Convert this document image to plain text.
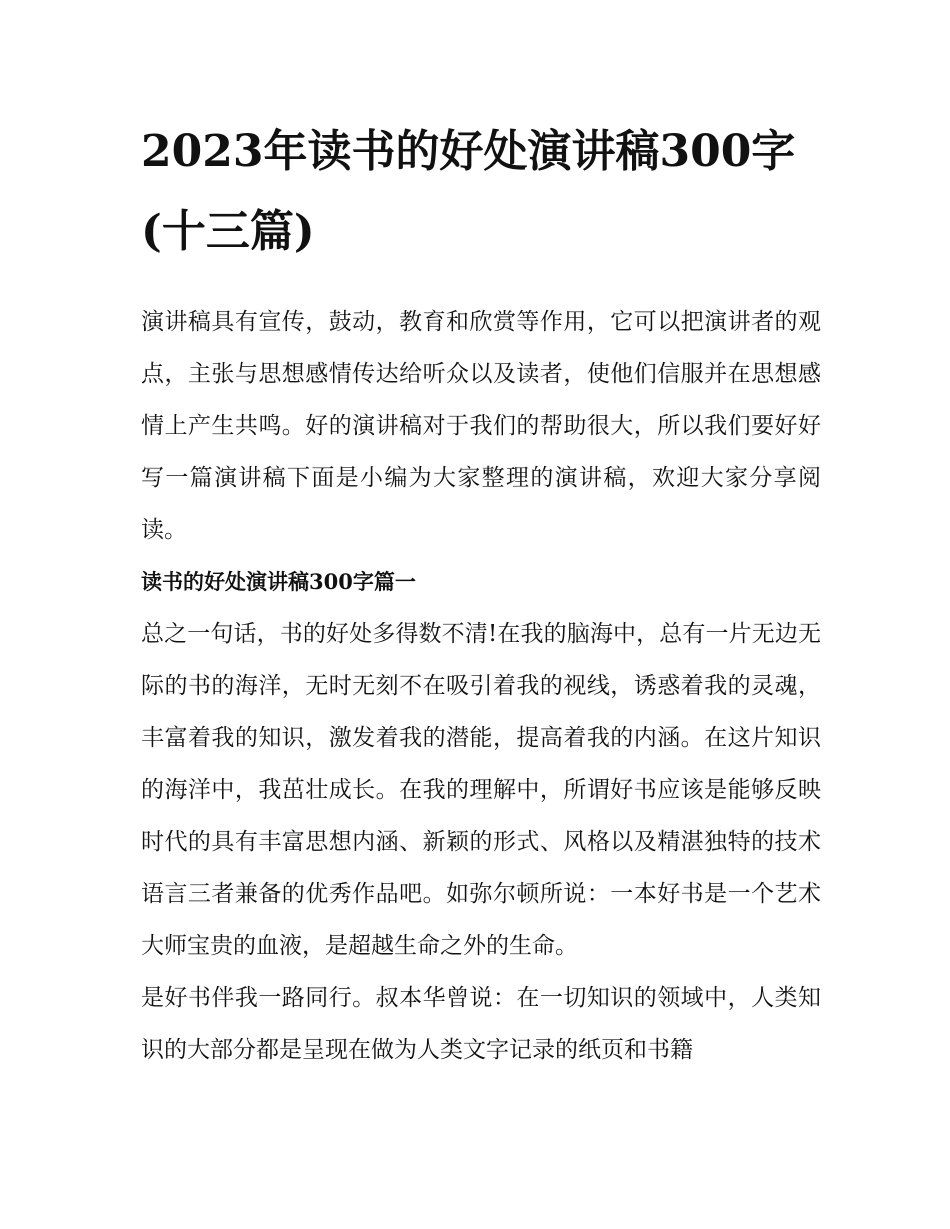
2023年读书的好处演讲稿300字(十三篇)

演讲稿具有宣传，鼓动，教育和欣赏等作用，它可以把演讲者的观点，主张与思想感情传达给听众以及读者，使他们信服并在思想感情上产生共鸣。好的演讲稿对于我们的帮助很大，所以我们要好好写一篇演讲稿下面是小编为大家整理的演讲稿，欢迎大家分享阅读。

读书的好处演讲稿300字篇一

总之一句话，书的好处多得数不清!在我的脑海中，总有一片无边无际的书的海洋，无时无刻不在吸引着我的视线，诱惑着我的灵魂，丰富着我的知识，激发着我的潜能，提高着我的内涵。在这片知识的海洋中，我茁壮成长。在我的理解中，所谓好书应该是能够反映时代的具有丰富思想内涵、新颖的形式、风格以及精湛独特的技术语言三者兼备的优秀作品吧。如弥尔顿所说：一本好书是一个艺术大师宝贵的血液，是超越生命之外的生命。

是好书伴我一路同行。叔本华曾说：在一切知识的领域中，人类知识的大部分都是呈现在做为人类文字记录的纸页和书籍
